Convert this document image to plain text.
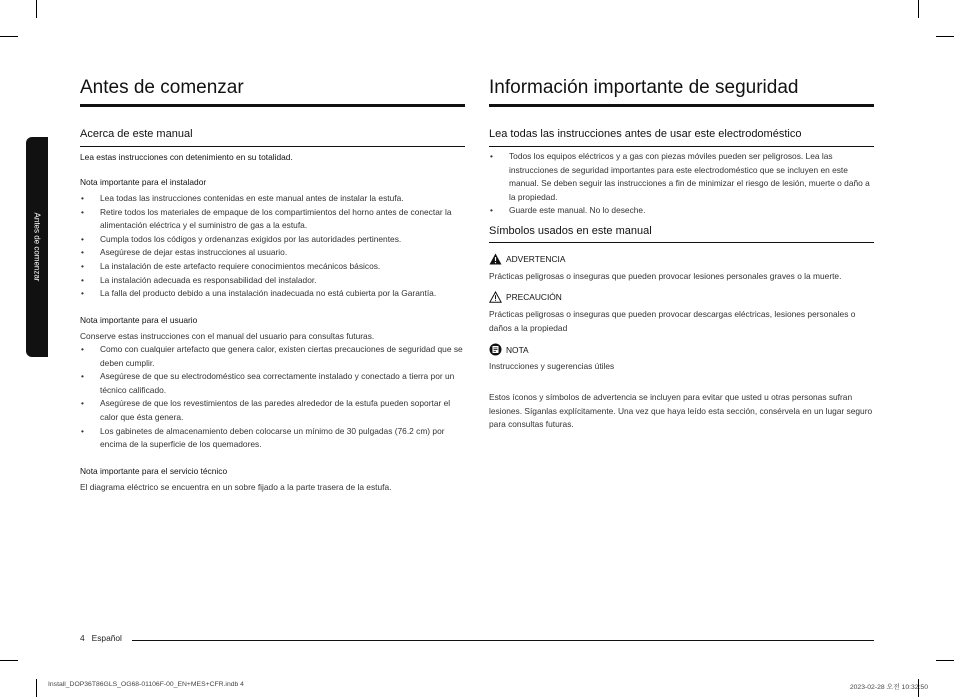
Antes de comenzar
Antes de comenzar
Acerca de este manual
Lea estas instrucciones con detenimiento en su totalidad.
Nota importante para el instalador
• Lea todas las instrucciones contenidas en este manual antes de instalar la estufa.
• Retire todos los materiales de empaque de los compartimientos del horno antes de conectar la alimentación eléctrica y el suministro de gas a la estufa.
• Cumpla todos los códigos y ordenanzas exigidos por las autoridades pertinentes.
• Asegúrese de dejar estas instrucciones al usuario.
• La instalación de este artefacto requiere conocimientos mecánicos básicos.
• La instalación adecuada es responsabilidad del instalador.
• La falla del producto debido a una instalación inadecuada no está cubierta por la Garantía.
Nota importante para el usuario
Conserve estas instrucciones con el manual del usuario para consultas futuras.
• Como con cualquier artefacto que genera calor, existen ciertas precauciones de seguridad que se deben cumplir.
• Asegúrese de que su electrodoméstico sea correctamente instalado y conectado a tierra por un técnico calificado.
• Asegúrese de que los revestimientos de las paredes alrededor de la estufa pueden soportar el calor que ésta genera.
• Los gabinetes de almacenamiento deben colocarse un mínimo de 30 pulgadas (76.2 cm) por encima de la superficie de los quemadores.
Nota importante para el servicio técnico
El diagrama eléctrico se encuentra en un sobre fijado a la parte trasera de la estufa.
Información importante de seguridad
Lea todas las instrucciones antes de usar este electrodoméstico
• Todos los equipos eléctricos y a gas con piezas móviles pueden ser peligrosos. Lea las instrucciones de seguridad importantes para este electrodoméstico que se incluyen en este manual. Se deben seguir las instrucciones a fin de minimizar el riesgo de lesión, muerte o daño a la propiedad.
• Guarde este manual. No lo deseche.
Símbolos usados en este manual
ADVERTENCIA
Prácticas peligrosas o inseguras que pueden provocar lesiones personales graves o la muerte.
PRECAUCIÓN
Prácticas peligrosas o inseguras que pueden provocar descargas eléctricas, lesiones personales o daños a la propiedad
NOTA
Instrucciones y sugerencias útiles
Estos íconos y símbolos de advertencia se incluyen para evitar que usted u otras personas sufran lesiones. Síganlas explícitamente. Una vez que haya leído esta sección, consérvela en un lugar seguro para consultas futuras.
4 Español
Install_DOP36T86GLS_OG68-01106F-00_EN+MES+CFR.indb 4	2023-02-28 오전 10:32:50
